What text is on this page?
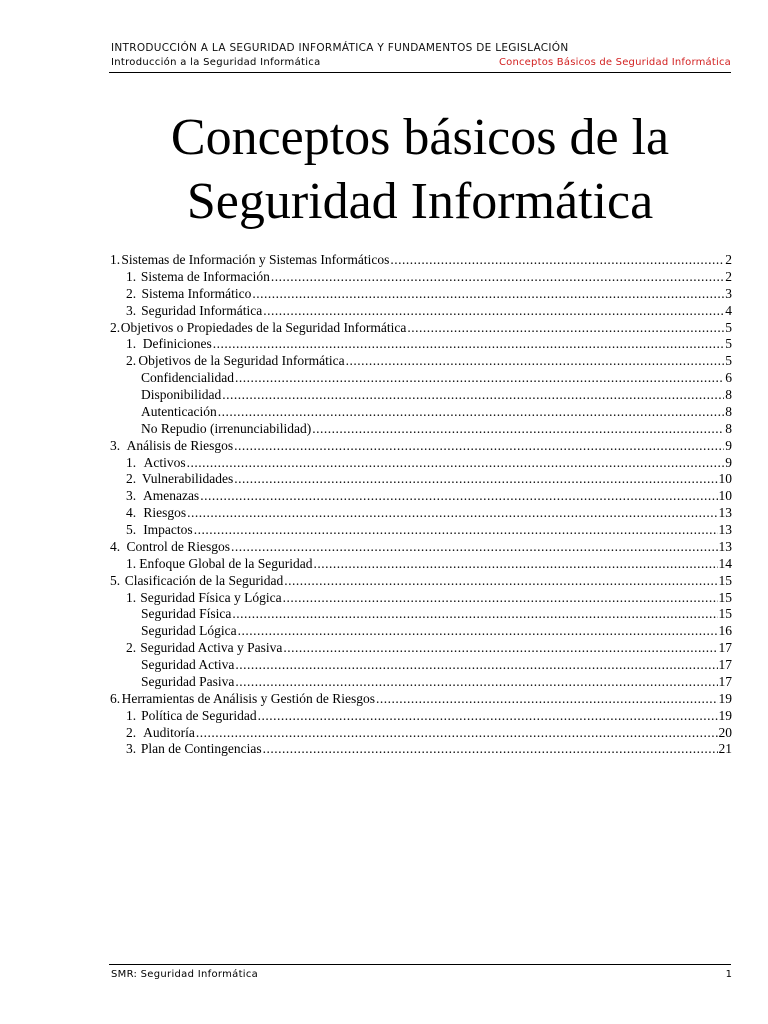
INTRODUCCIÓN A LA SEGURIDAD INFORMÁTICA Y FUNDAMENTOS DE LEGISLACIÓN
Introducción a la Seguridad Informática	Conceptos Básicos de Seguridad Informática
Conceptos básicos de la Seguridad Informática
1. Sistemas de Información y Sistemas Informáticos .....	2
1. Sistema de Información .....	2
2. Sistema Informático .....	3
3. Seguridad Informática .....	4
2. Objetivos o Propiedades de la Seguridad Informática .....	5
1. Definiciones .....	5
2. Objetivos de la Seguridad Informática .....	5
Confidencialidad .....	6
Disponibilidad .....	8
Autenticación .....	8
No Repudio (irrenunciabilidad) .....	8
3. Análisis de Riesgos .....	9
1. Activos .....	9
2. Vulnerabilidades .....	10
3. Amenazas .....	10
4. Riesgos .....	13
5. Impactos .....	13
4. Control de Riesgos .....	13
1. Enfoque Global de la Seguridad .....	14
5. Clasificación de la Seguridad .....	15
1. Seguridad Física y Lógica .....	15
Seguridad Física .....	15
Seguridad Lógica .....	16
2. Seguridad Activa y Pasiva .....	17
Seguridad Activa .....	17
Seguridad Pasiva .....	17
6. Herramientas de Análisis y Gestión de Riesgos .....	19
1. Política de Seguridad .....	19
2. Auditoría .....	20
3. Plan de Contingencias .....	21
SMR: Seguridad Informática	1
